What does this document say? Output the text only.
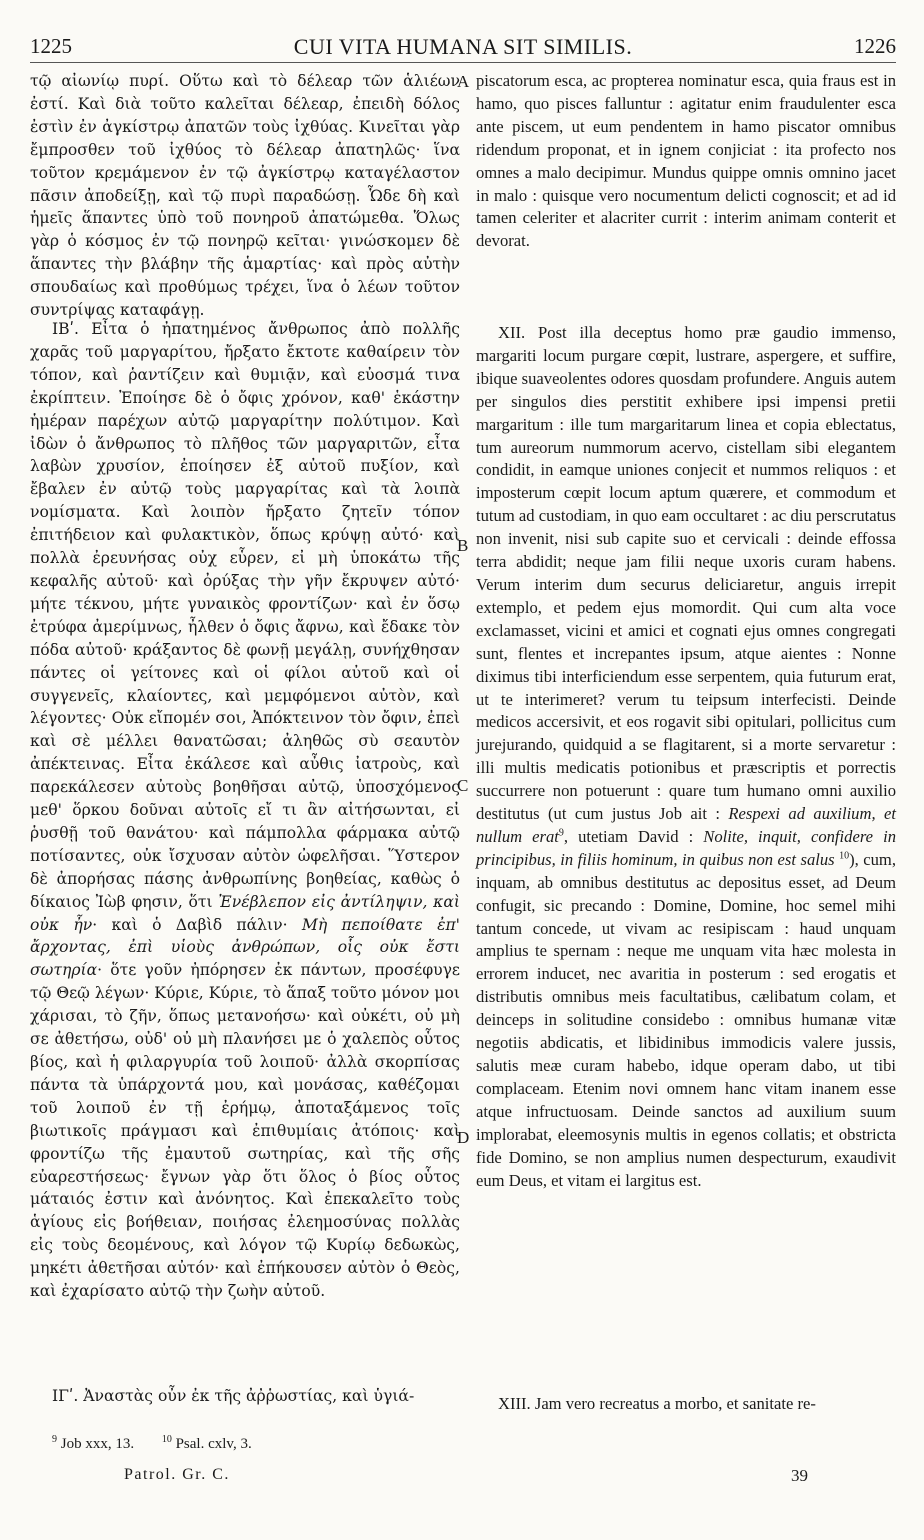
1225	CUI VITA HUMANA SIT SIMILIS.	1226

τῷ αἰωνίῳ πυρί. Οὕτω καὶ τὸ δέλεαρ τῶν ἁλιέων ἐστί. Καὶ διὰ τοῦτο καλεῖται δέλεαρ, ἐπειδὴ δόλος ἐστὶν ἐν ἀγκίστρῳ ἀπατῶν τοὺς ἰχθύας. Κινεῖται γὰρ ἔμπροσθεν τοῦ ἰχθύος τὸ δέλεαρ ἀπατηλῶς· ἵνα τοῦτον κρεμάμενον ἐν τῷ ἀγκίστρῳ καταγέλαστον πᾶσιν ἀποδείξῃ, καὶ τῷ πυρὶ παραδώσῃ. Ὧδε δὴ καὶ ἡμεῖς ἅπαντες ὑπὸ τοῦ πονηροῦ ἀπατώμεθα. Ὅλως γὰρ ὁ κόσμος ἐν τῷ πονηρῷ κεῖται· γινώσκομεν δὲ ἅπαντες τὴν βλάβην τῆς ἁμαρτίας· καὶ πρὸς αὐτὴν σπουδαίως καὶ προθύμως τρέχει, ἵνα ὁ λέων τοῦτον συντρίψας καταφάγῃ.

ΙΒʹ. Εἶτα ὁ ἠπατημένος ἄνθρωπος ἀπὸ πολλῆς χαρᾶς τοῦ μαργαρίτου, ἤρξατο ἔκτοτε καθαίρειν τὸν τόπον, καὶ ῥαντίζειν καὶ θυμιᾷν, καὶ εὐοσμά τινα ἐκρίπτειν. Ἐποίησε δὲ ὁ ὄφις χρόνον, καθ' ἑκάστην ἡμέραν παρέχων αὐτῷ μαργαρίτην πολύτιμον. Καὶ ἰδὼν ὁ ἄνθρωπος τὸ πλῆθος τῶν μαργαριτῶν, εἶτα λαβὼν χρυσίον, ἐποίησεν ἐξ αὐτοῦ πυξίον, καὶ ἔβαλεν ἐν αὐτῷ τοὺς μαργαρίτας καὶ τὰ λοιπὰ νομίσματα. Καὶ λοιπὸν ἤρξατο ζητεῖν τόπον ἐπιτήδειον καὶ φυλακτικὸν, ὅπως κρύψῃ αὐτό· καὶ πολλὰ ἐρευνήσας οὐχ εὗρεν, εἰ μὴ ὑποκάτω τῆς κεφαλῆς αὐτοῦ· καὶ ὀρύξας τὴν γῆν ἔκρυψεν αὐτό· μήτε τέκνου, μήτε γυναικὸς φροντίζων· καὶ ἐν ὅσῳ ἐτρύφα ἀμερίμνως, ἦλθεν ὁ ὄφις ἄφνω, καὶ ἔδακε τὸν πόδα αὐτοῦ· κράξαντος δὲ φωνῇ μεγάλῃ, συνήχθησαν πάντες οἱ γείτονες καὶ οἱ φίλοι αὐτοῦ καὶ οἱ συγγενεῖς, κλαίοντες, καὶ μεμφόμενοι αὐτὸν, καὶ λέγοντες· Οὐκ εἴπομέν σοι, Ἀπόκτεινον τὸν ὄφιν, ἐπεὶ καὶ σὲ μέλλει θανατῶσαι; ἀληθῶς σὺ σεαυτὸν ἀπέκτεινας. Εἶτα ἐκάλεσε καὶ αὖθις ἰατροὺς, καὶ παρεκάλεσεν αὐτοὺς βοηθῆσαι αὐτῷ, ὑποσχόμενος μεθ' ὅρκου δοῦναι αὐτοῖς εἴ τι ἂν αἰτήσωνται, εἰ ῥυσθῇ τοῦ θανάτου· καὶ πάμπολλα φάρμακα αὐτῷ ποτίσαντες, οὐκ ἴσχυσαν αὐτὸν ὠφελῆσαι. Ὕστερον δὲ ἀπορήσας πάσης ἀνθρωπίνης βοηθείας, καθὼς ὁ δίκαιος Ἰὼβ φησιν, ὅτι Ἐνέβλεπον εἰς ἀντίληψιν, καὶ οὐκ ἦν· καὶ ὁ Δαβὶδ πάλιν· Μὴ πεποίθατε ἐπ' ἄρχοντας, ἐπὶ υἱοὺς ἀνθρώπων, οἷς οὐκ ἔστι σωτηρία· ὅτε γοῦν ἠπόρησεν ἐκ πάντων, προσέφυγε τῷ Θεῷ λέγων· Κύριε, Κύριε, τὸ ἅπαξ τοῦτο μόνον μοι χάρισαι, τὸ ζῆν, ὅπως μετανοήσω· καὶ οὐκέτι, οὐ μὴ σε ἀθετήσω, οὐδ' οὐ μὴ πλανήσει με ὁ χαλεπὸς οὗτος βίος, καὶ ἡ φιλαργυρία τοῦ λοιποῦ· ἀλλὰ σκορπίσας πάντα τὰ ὑπάρχοντά μου, καὶ μονάσας, καθέζομαι τοῦ λοιποῦ ἐν τῇ ἐρήμῳ, ἀποταξάμενος τοῖς βιωτικοῖς πράγμασι καὶ ἐπιθυμίαις ἀτόποις· καὶ φροντίζω τῆς ἐμαυτοῦ σωτηρίας, καὶ τῆς σῆς εὐαρεστήσεως· ἔγνων γὰρ ὅτι ὅλος ὁ βίος οὗτος μάταιός ἐστιν καὶ ἀνόνητος. Καὶ ἐπεκαλεῖτο τοὺς ἁγίους εἰς βοήθειαν, ποιήσας ἐλεημοσύνας πολλὰς εἰς τοὺς δεομένους, καὶ λόγον τῷ Κυρίῳ δεδωκὼς, μηκέτι ἀθετῆσαι αὐτόν· καὶ ἐπήκουσεν αὐτὸν ὁ Θεὸς, καὶ ἐχαρίσατο αὐτῷ τὴν ζωὴν αὐτοῦ.

ΙΓʹ. Ἀναστὰς οὖν ἐκ τῆς ἀῤῥωστίας, καὶ ὑγιά-

piscatorum esca, ac propterea nominatur esca, quia fraus est in hamo, quo pisces falluntur : agitatur enim fraudulenter esca ante piscem, ut eum pendentem in hamo piscator omnibus ridendum proponat, et in ignem conjiciat : ita profecto nos omnes a malo decipimur. Mundus quippe omnis omnino jacet in malo : quisque vero nocumentum delicti cognoscit; et ad id tamen celeriter et alacriter currit : interim animam conterit et devorat.

XII. Post illa deceptus homo præ gaudio immenso, margariti locum purgare cœpit, lustrare, aspergere, et suffire, ibique suaveolentes odores quosdam profundere. Anguis autem per singulos dies perstitit exhibere ipsi impensi pretii margaritum : ille tum margaritarum linea et copia eblectatus, tum aureorum nummorum acervo, cistellam sibi elegantem condidit, in eamque uniones conjecit et nummos reliquos : et imposterum cœpit locum aptum quærere, et commodum et tutum ad custodiam, in quo eam occultaret : ac diu perscrutatus non invenit, nisi sub capite suo et cervicali : deinde effossa terra abdidit; neque jam filii neque uxoris curam habens. Verum interim dum securus deliciaretur, anguis irrepit extemplo, et pedem ejus momordit. Qui cum alta voce exclamasset, vicini et amici et cognati ejus omnes congregati sunt, flentes et increpantes ipsum, atque aientes : Nonne diximus tibi interficiendum esse serpentem, quia futurum erat, ut te interimeret? verum tu teipsum interfecisti. Deinde medicos accersivit, et eos rogavit sibi opitulari, pollicitus cum jurejurando, quidquid a se flagitarent, si a morte servaretur : illi multis medicatis potionibus et præscriptis et porrectis succurrere non potuerunt : quare tum humano omni auxilio destitutus (ut cum justus Job ait : Respexi ad auxilium, et nullum erat$^9$, utetiam David : Nolite, inquit, confidere in principibus, in filiis hominum, in quibus non est salus $^{10}$), cum, inquam, ab omnibus destitutus ac depositus esset, ad Deum confugit, sic precando : Domine, Domine, hoc semel mihi tantum concede, ut vivam ac resipiscam : haud unquam amplius te spernam : neque me unquam vita hæc molesta in errorem inducet, nec avaritia in posterum : sed erogatis et distributis omnibus meis facultatibus, cælibatum colam, et deinceps in solitudine considebo : omnibus humanæ vitæ negotiis abdicatis, et libidinibus immodicis valere jussis, salutis meæ curam habebo, idque operam dabo, ut tibi complaceam. Etenim novi omnem hanc vitam inanem esse atque infructuosam. Deinde sanctos ad auxilium suum implorabat, eleemosynis multis in egenos collatis; et obstricta fide Domino, se non amplius numen despecturum, exaudivit eum Deus, et vitam ei largitus est.

XIII. Jam vero recreatus a morbo, et sanitate re-

A
B
C
D
$^9$ Job xxx, 13.	$^{10}$ Psal. cxlv, 3.
Patrol. Gr. C.	39
